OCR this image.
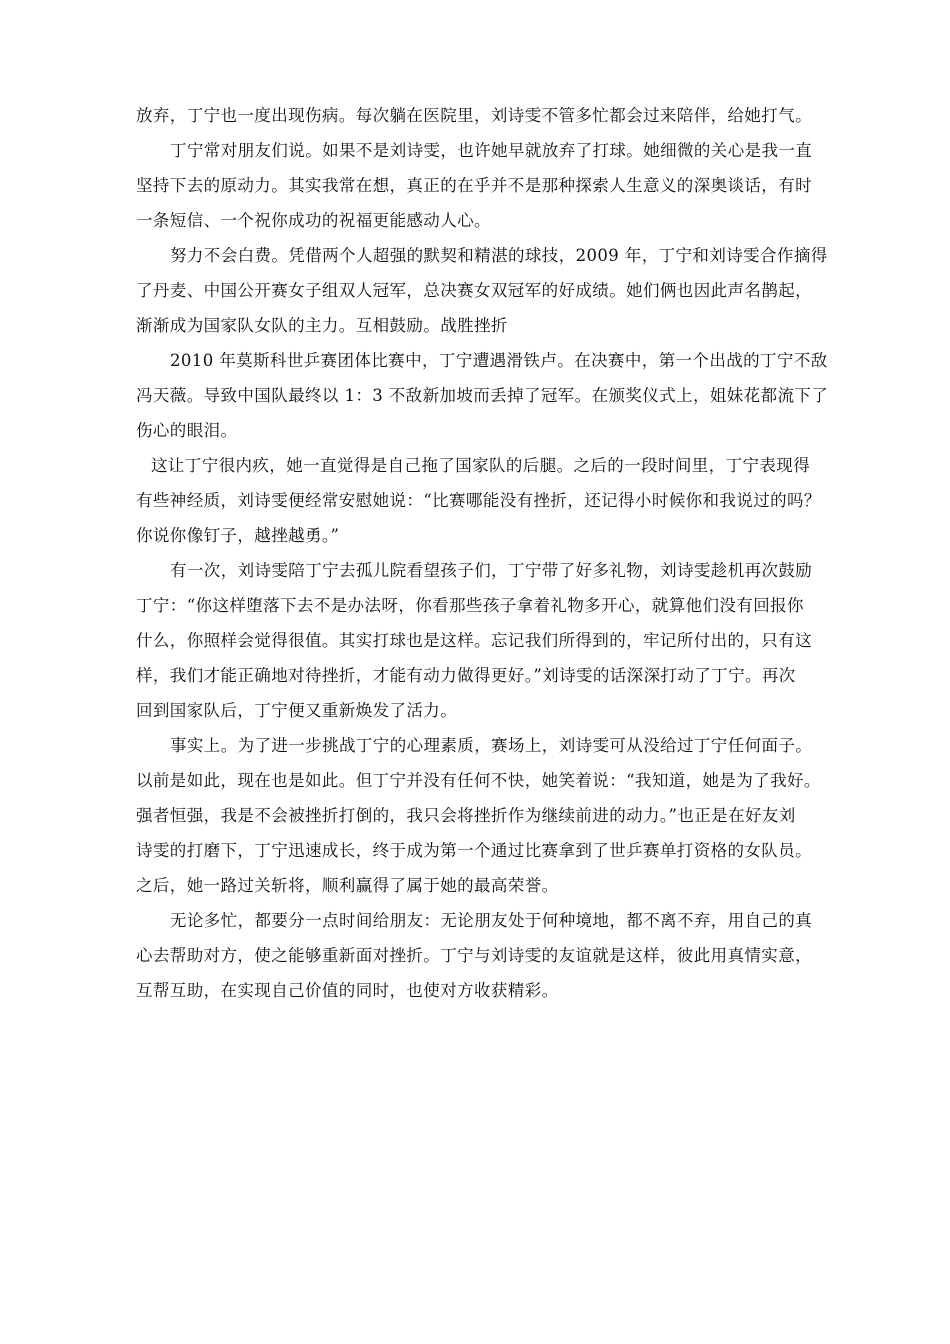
放弃，丁宁也一度出现伤病。每次躺在医院里，刘诗雯不管多忙都会过来陪伴，给她打气。
丁宁常对朋友们说。如果不是刘诗雯，也许她早就放弃了打球。她细微的关心是我一直
坚持下去的原动力。其实我常在想，真正的在乎并不是那种探索人生意义的深奥谈话，有时
一条短信、一个祝你成功的祝福更能感动人心。
努力不会白费。凭借两个人超强的默契和精湛的球技，2009 年，丁宁和刘诗雯合作摘得
了丹麦、中国公开赛女子组双人冠军，总决赛女双冠军的好成绩。她们俩也因此声名鹊起，
渐渐成为国家队女队的主力。互相鼓励。战胜挫折
2010 年莫斯科世乒赛团体比赛中，丁宁遭遇滑铁卢。在决赛中，第一个出战的丁宁不敌
冯天薇。导致中国队最终以 1：3 不敌新加坡而丢掉了冠军。在颁奖仪式上，姐妹花都流下了
伤心的眼泪。
这让丁宁很内疚，她一直觉得是自己拖了国家队的后腿。之后的一段时间里，丁宁表现得
有些神经质，刘诗雯便经常安慰她说：“比赛哪能没有挫折，还记得小时候你和我说过的吗？
你说你像钉子，越挫越勇。”
有一次，刘诗雯陪丁宁去孤儿院看望孩子们，丁宁带了好多礼物，刘诗雯趁机再次鼓励
丁宁：“你这样堕落下去不是办法呀，你看那些孩子拿着礼物多开心，就算他们没有回报你
什么，你照样会觉得很值。其实打球也是这样。忘记我们所得到的，牢记所付出的，只有这
样，我们才能正确地对待挫折，才能有动力做得更好。”刘诗雯的话深深打动了丁宁。再次
回到国家队后，丁宁便又重新焕发了活力。
事实上。为了进一步挑战丁宁的心理素质，赛场上，刘诗雯可从没给过丁宁任何面子。
以前是如此，现在也是如此。但丁宁并没有任何不快，她笑着说：“我知道，她是为了我好。
强者恒强，我是不会被挫折打倒的，我只会将挫折作为继续前进的动力。”也正是在好友刘
诗雯的打磨下，丁宁迅速成长，终于成为第一个通过比赛拿到了世乒赛单打资格的女队员。
之后，她一路过关斩将，顺利赢得了属于她的最高荣誉。
无论多忙，都要分一点时间给朋友：无论朋友处于何种境地，都不离不弃，用自己的真
心去帮助对方，使之能够重新面对挫折。丁宁与刘诗雯的友谊就是这样，彼此用真情实意，
互帮互助，在实现自己价值的同时，也使对方收获精彩。
